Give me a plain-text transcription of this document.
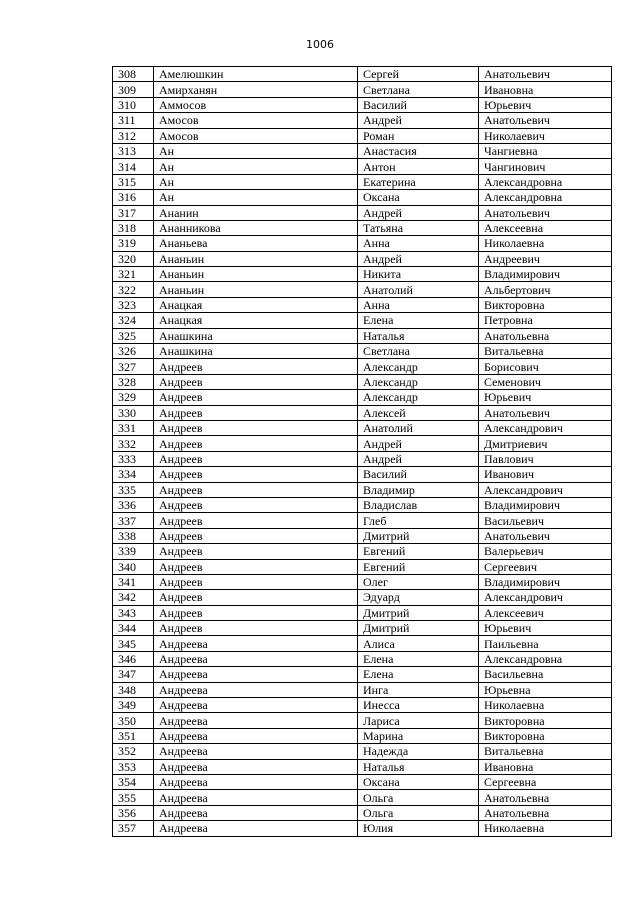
1006
308	Амелюшкин	Сергей	Анатольевич
309	Амирханян	Светлана	Ивановна
310	Аммосов	Василий	Юрьевич
311	Амосов	Андрей	Анатольевич
312	Амосов	Роман	Николаевич
313	Ан	Анастасия	Чангиевна
314	Ан	Антон	Чангинович
315	Ан	Екатерина	Александровна
316	Ан	Оксана	Александровна
317	Ананин	Андрей	Анатольевич
318	Ананникова	Татьяна	Алексеевна
319	Ананьева	Анна	Николаевна
320	Ананьин	Андрей	Андреевич
321	Ананьин	Никита	Владимирович
322	Ананьин	Анатолий	Альбертович
323	Анацкая	Анна	Викторовна
324	Анацкая	Елена	Петровна
325	Анашкина	Наталья	Анатольевна
326	Анашкина	Светлана	Витальевна
327	Андреев	Александр	Борисович
328	Андреев	Александр	Семенович
329	Андреев	Александр	Юрьевич
330	Андреев	Алексей	Анатольевич
331	Андреев	Анатолий	Александрович
332	Андреев	Андрей	Дмитриевич
333	Андреев	Андрей	Павлович
334	Андреев	Василий	Иванович
335	Андреев	Владимир	Александрович
336	Андреев	Владислав	Владимирович
337	Андреев	Глеб	Васильевич
338	Андреев	Дмитрий	Анатольевич
339	Андреев	Евгений	Валерьевич
340	Андреев	Евгений	Сергеевич
341	Андреев	Олег	Владимирович
342	Андреев	Эдуард	Александрович
343	Андреев	Дмитрий	Алексеевич
344	Андреев	Дмитрий	Юрьевич
345	Андреева	Алиса	Паильевна
346	Андреева	Елена	Александровна
347	Андреева	Елена	Васильевна
348	Андреева	Инга	Юрьевна
349	Андреева	Инесса	Николаевна
350	Андреева	Лариса	Викторовна
351	Андреева	Марина	Викторовна
352	Андреева	Надежда	Витальевна
353	Андреева	Наталья	Ивановна
354	Андреева	Оксана	Сергеевна
355	Андреева	Ольга	Анатольевна
356	Андреева	Ольга	Анатольевна
357	Андреева	Юлия	Николаевна
